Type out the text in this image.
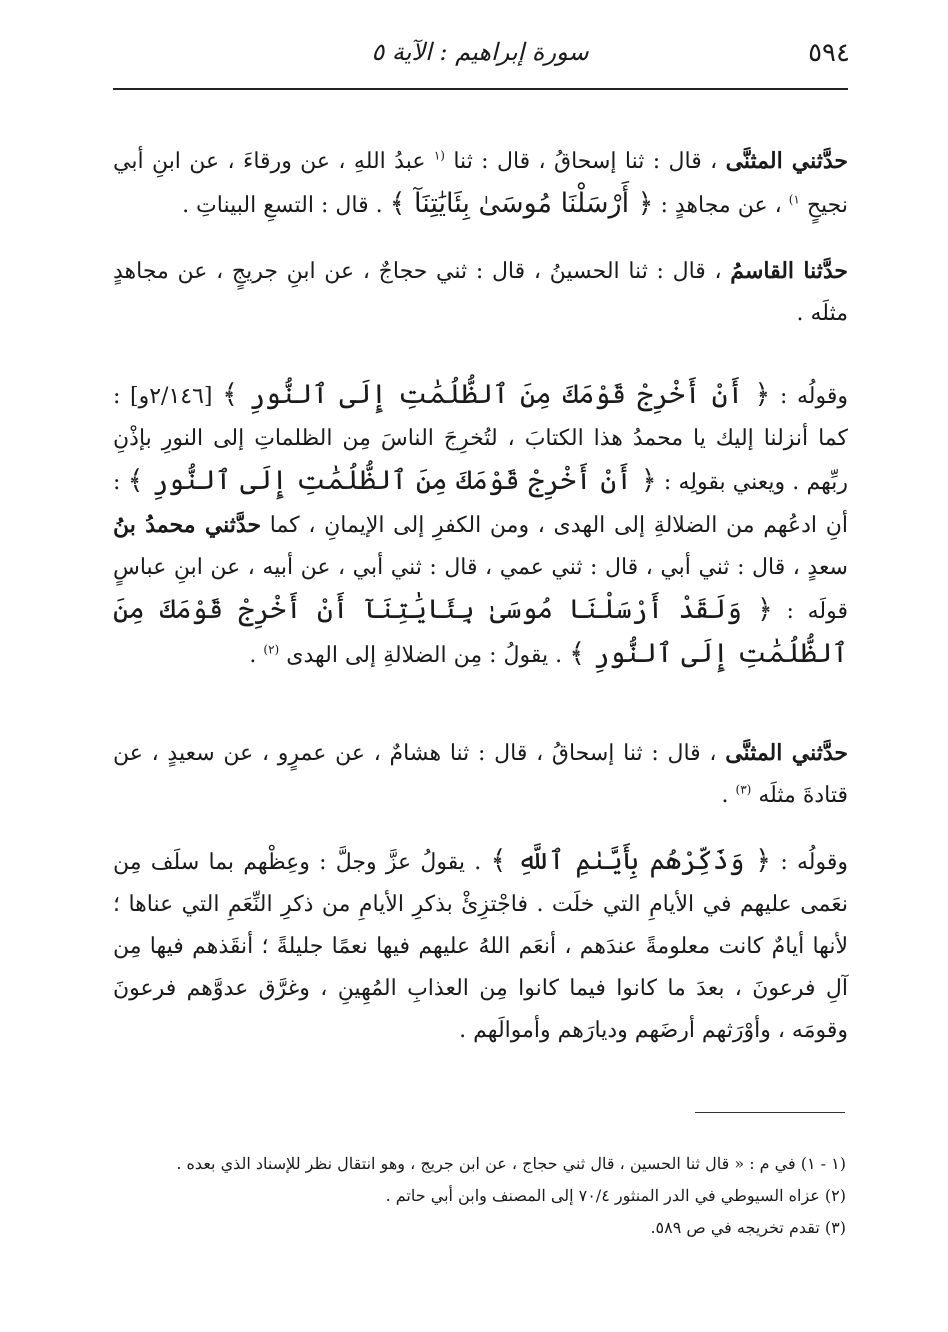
٥٩٤
سورة إبراهيم : الآية ٥

حدَّثني المثنَّى ، قال : ثنا إسحاقُ ، قال : ثنا $^{(١}$ عبدُ اللهِ ، عن ورقاءَ ، عن ابنِ أبي نجيحٍ $^{١)}$ ، عن مجاهدٍ : ﴿ أَرْسَلْنَا مُوسَىٰ بِئَايَٰتِنَآ ﴾ . قال : التسعِ البيناتِ .

حدَّثنا القاسمُ ، قال : ثنا الحسينُ ، قال : ثني حجاجٌ ، عن ابنِ جريجٍ ، عن مجاهدٍ مثلَه .

وقولُه : ﴿ أَنْ أَخْرِجْ قَوْمَكَ مِنَ ٱلظُّلُمَٰتِ إِلَى ٱلنُّورِ ﴾ [٢/١٤٦و] : كما أنزلنا إليك يا محمدُ هذا الكتابَ ، لتُخرِجَ الناسَ مِن الظلماتِ إلى النورِ بإذْنِ ربِّهم . ويعني بقولِه : ﴿ أَنْ أَخْرِجْ قَوْمَكَ مِنَ ٱلظُّلُمَٰتِ إِلَى ٱلنُّورِ ﴾ : أنِ ادعُهم من الضلالةِ إلى الهدى ، ومن الكفرِ إلى الإيمانِ ، كما حدَّثني محمدُ بنُ سعدٍ ، قال : ثني أبي ، قال : ثني عمي ، قال : ثني أبي ، عن أبيه ، عن ابنِ عباسٍ قولَه : ﴿ وَلَقَدْ أَرْسَلْنَا مُوسَىٰ بِئَايَٰتِنَآ أَنْ أَخْرِجْ قَوْمَكَ مِنَ ٱلظُّلُمَٰتِ إِلَى ٱلنُّورِ ﴾ . يقولُ : مِن الضلالةِ إلى الهدى $^{(٢)}$ .

حدَّثني المثنَّى ، قال : ثنا إسحاقُ ، قال : ثنا هشامٌ ، عن عمرٍو ، عن سعيدٍ ، عن قتادةَ مثلَه $^{(٣)}$ .

وقولُه : ﴿ وَذَكِّرْهُم بِأَيَّىٰمِ ٱللَّهِ ﴾ . يقولُ عزَّ وجلَّ : وعِظْهم بما سلَف مِن نعَمى عليهم في الأيامِ التي خلَت . فاجْتزِئْ بذكرِ الأيامِ من ذكرِ النِّعَمِ التي عناها ؛ لأنها أيامٌ كانت معلومةً عندَهم ، أنعَم اللهُ عليهم فيها نعمًا جليلةً ؛ أنقَذهم فيها مِن آلِ فرعونَ ، بعدَ ما كانوا فيما كانوا مِن العذابِ المُهِينِ ، وغرَّق عدوَّهم فرعونَ وقومَه ، وأوْرَثهم أرضَهم وديارَهم وأموالَهم .

(١ - ١) في م : « قال ثنا الحسين ، قال ثني حجاج ، عن ابن جريج ، وهو انتقال نظر للإسناد الذي بعده .
(٢) عزاه السيوطي في الدر المنثور ٧٠/٤ إلى المصنف وابن أبي حاتم .
(٣) تقدم تخريجه في ص ٥٨٩.
